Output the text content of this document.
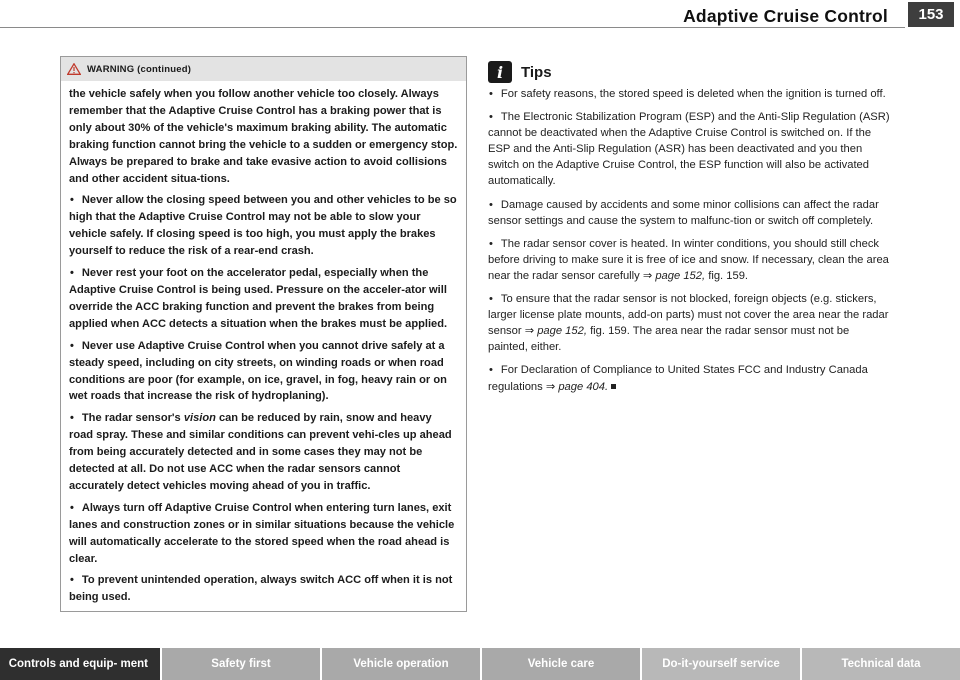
Adaptive Cruise Control	153
WARNING (continued)

the vehicle safely when you follow another vehicle too closely. Always remember that the Adaptive Cruise Control has a braking power that is only about 30% of the vehicle's maximum braking ability. The automatic braking function cannot bring the vehicle to a sudden or emergency stop. Always be prepared to brake and take evasive action to avoid collisions and other accident situa-tions.

• Never allow the closing speed between you and other vehicles to be so high that the Adaptive Cruise Control may not be able to slow your vehicle safely. If closing speed is too high, you must apply the brakes yourself to reduce the risk of a rear-end crash.

• Never rest your foot on the accelerator pedal, especially when the Adaptive Cruise Control is being used. Pressure on the acceler-ator will override the ACC braking function and prevent the brakes from being applied when ACC detects a situation when the brakes must be applied.

• Never use Adaptive Cruise Control when you cannot drive safely at a steady speed, including on city streets, on winding roads or when road conditions are poor (for example, on ice, gravel, in fog, heavy rain or on wet roads that increase the risk of hydroplaning).

• The radar sensor's vision can be reduced by rain, snow and heavy road spray. These and similar conditions can prevent vehi-cles up ahead from being accurately detected and in some cases they may not be detected at all. Do not use ACC when the radar sensors cannot accurately detect vehicles moving ahead of you in traffic.

• Always turn off Adaptive Cruise Control when entering turn lanes, exit lanes and construction zones or in similar situations because the vehicle will automatically accelerate to the stored speed when the road ahead is clear.

• To prevent unintended operation, always switch ACC off when it is not being used.

i	Tips

• For safety reasons, the stored speed is deleted when the ignition is turned off.

• The Electronic Stabilization Program (ESP) and the Anti-Slip Regulation (ASR) cannot be deactivated when the Adaptive Cruise Control is switched on. If the ESP and the Anti-Slip Regulation (ASR) has been deactivated and you then switch on the Adaptive Cruise Control, the ESP function will also be activated automatically.

• Damage caused by accidents and some minor collisions can affect the radar sensor settings and cause the system to malfunc-tion or switch off completely.

• The radar sensor cover is heated. In winter conditions, you should still check before driving to make sure it is free of ice and snow. If necessary, clean the area near the radar sensor carefully ⇒ page 152, fig. 159.

• To ensure that the radar sensor is not blocked, foreign objects (e.g. stickers, larger license plate mounts, add-on parts) must not cover the area near the radar sensor ⇒ page 152, fig. 159. The area near the radar sensor must not be painted, either.

• For Declaration of Compliance to United States FCC and Industry Canada regulations ⇒ page 404.

Controls and equip- ment	Safety first	Vehicle operation	Vehicle care	Do-it-yourself service	Technical data
